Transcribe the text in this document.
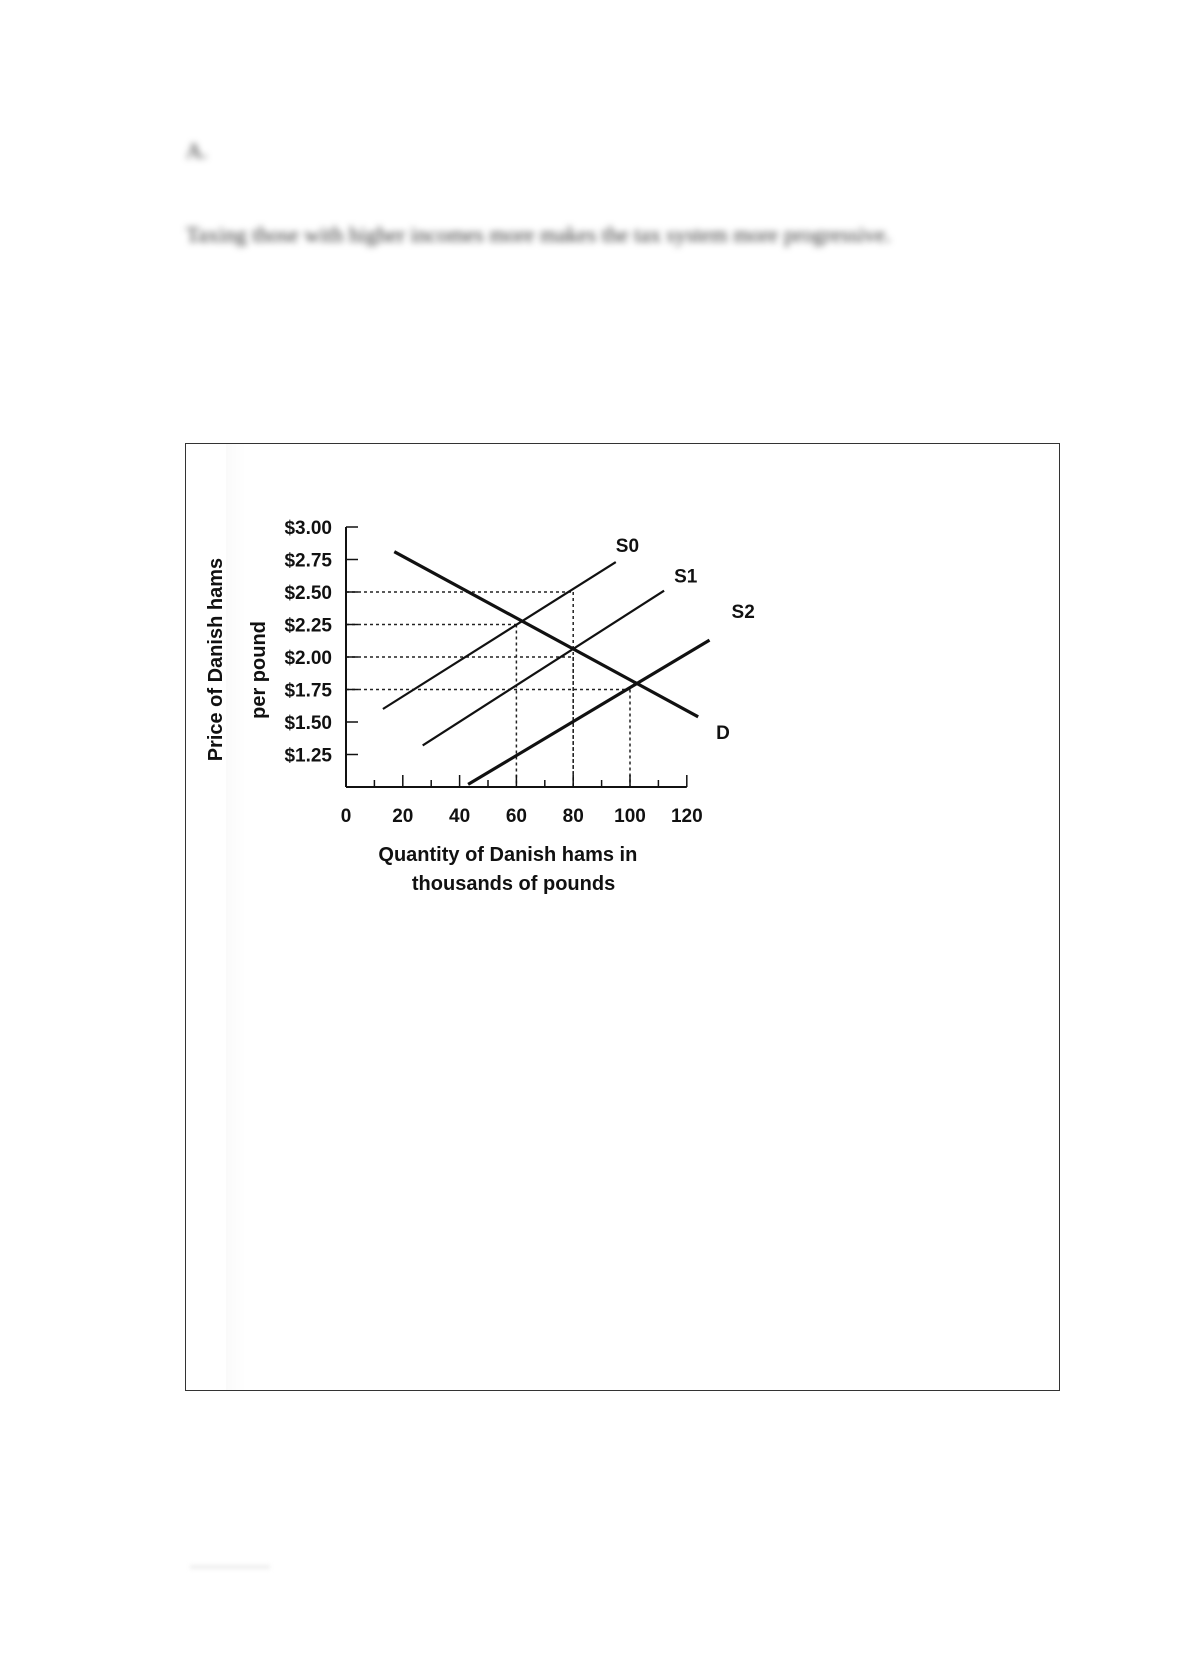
A.
Taxing those with higher incomes more makes the tax system more progressive.
$3.00
$2.75
$2.50
$2.25
$2.00
$1.75
$1.50
$1.25
0 20 40 60 80 100 120
S0
S1
S2
D
Price of Danish hams per pound
Quantity of Danish hams in
thousands of pounds
